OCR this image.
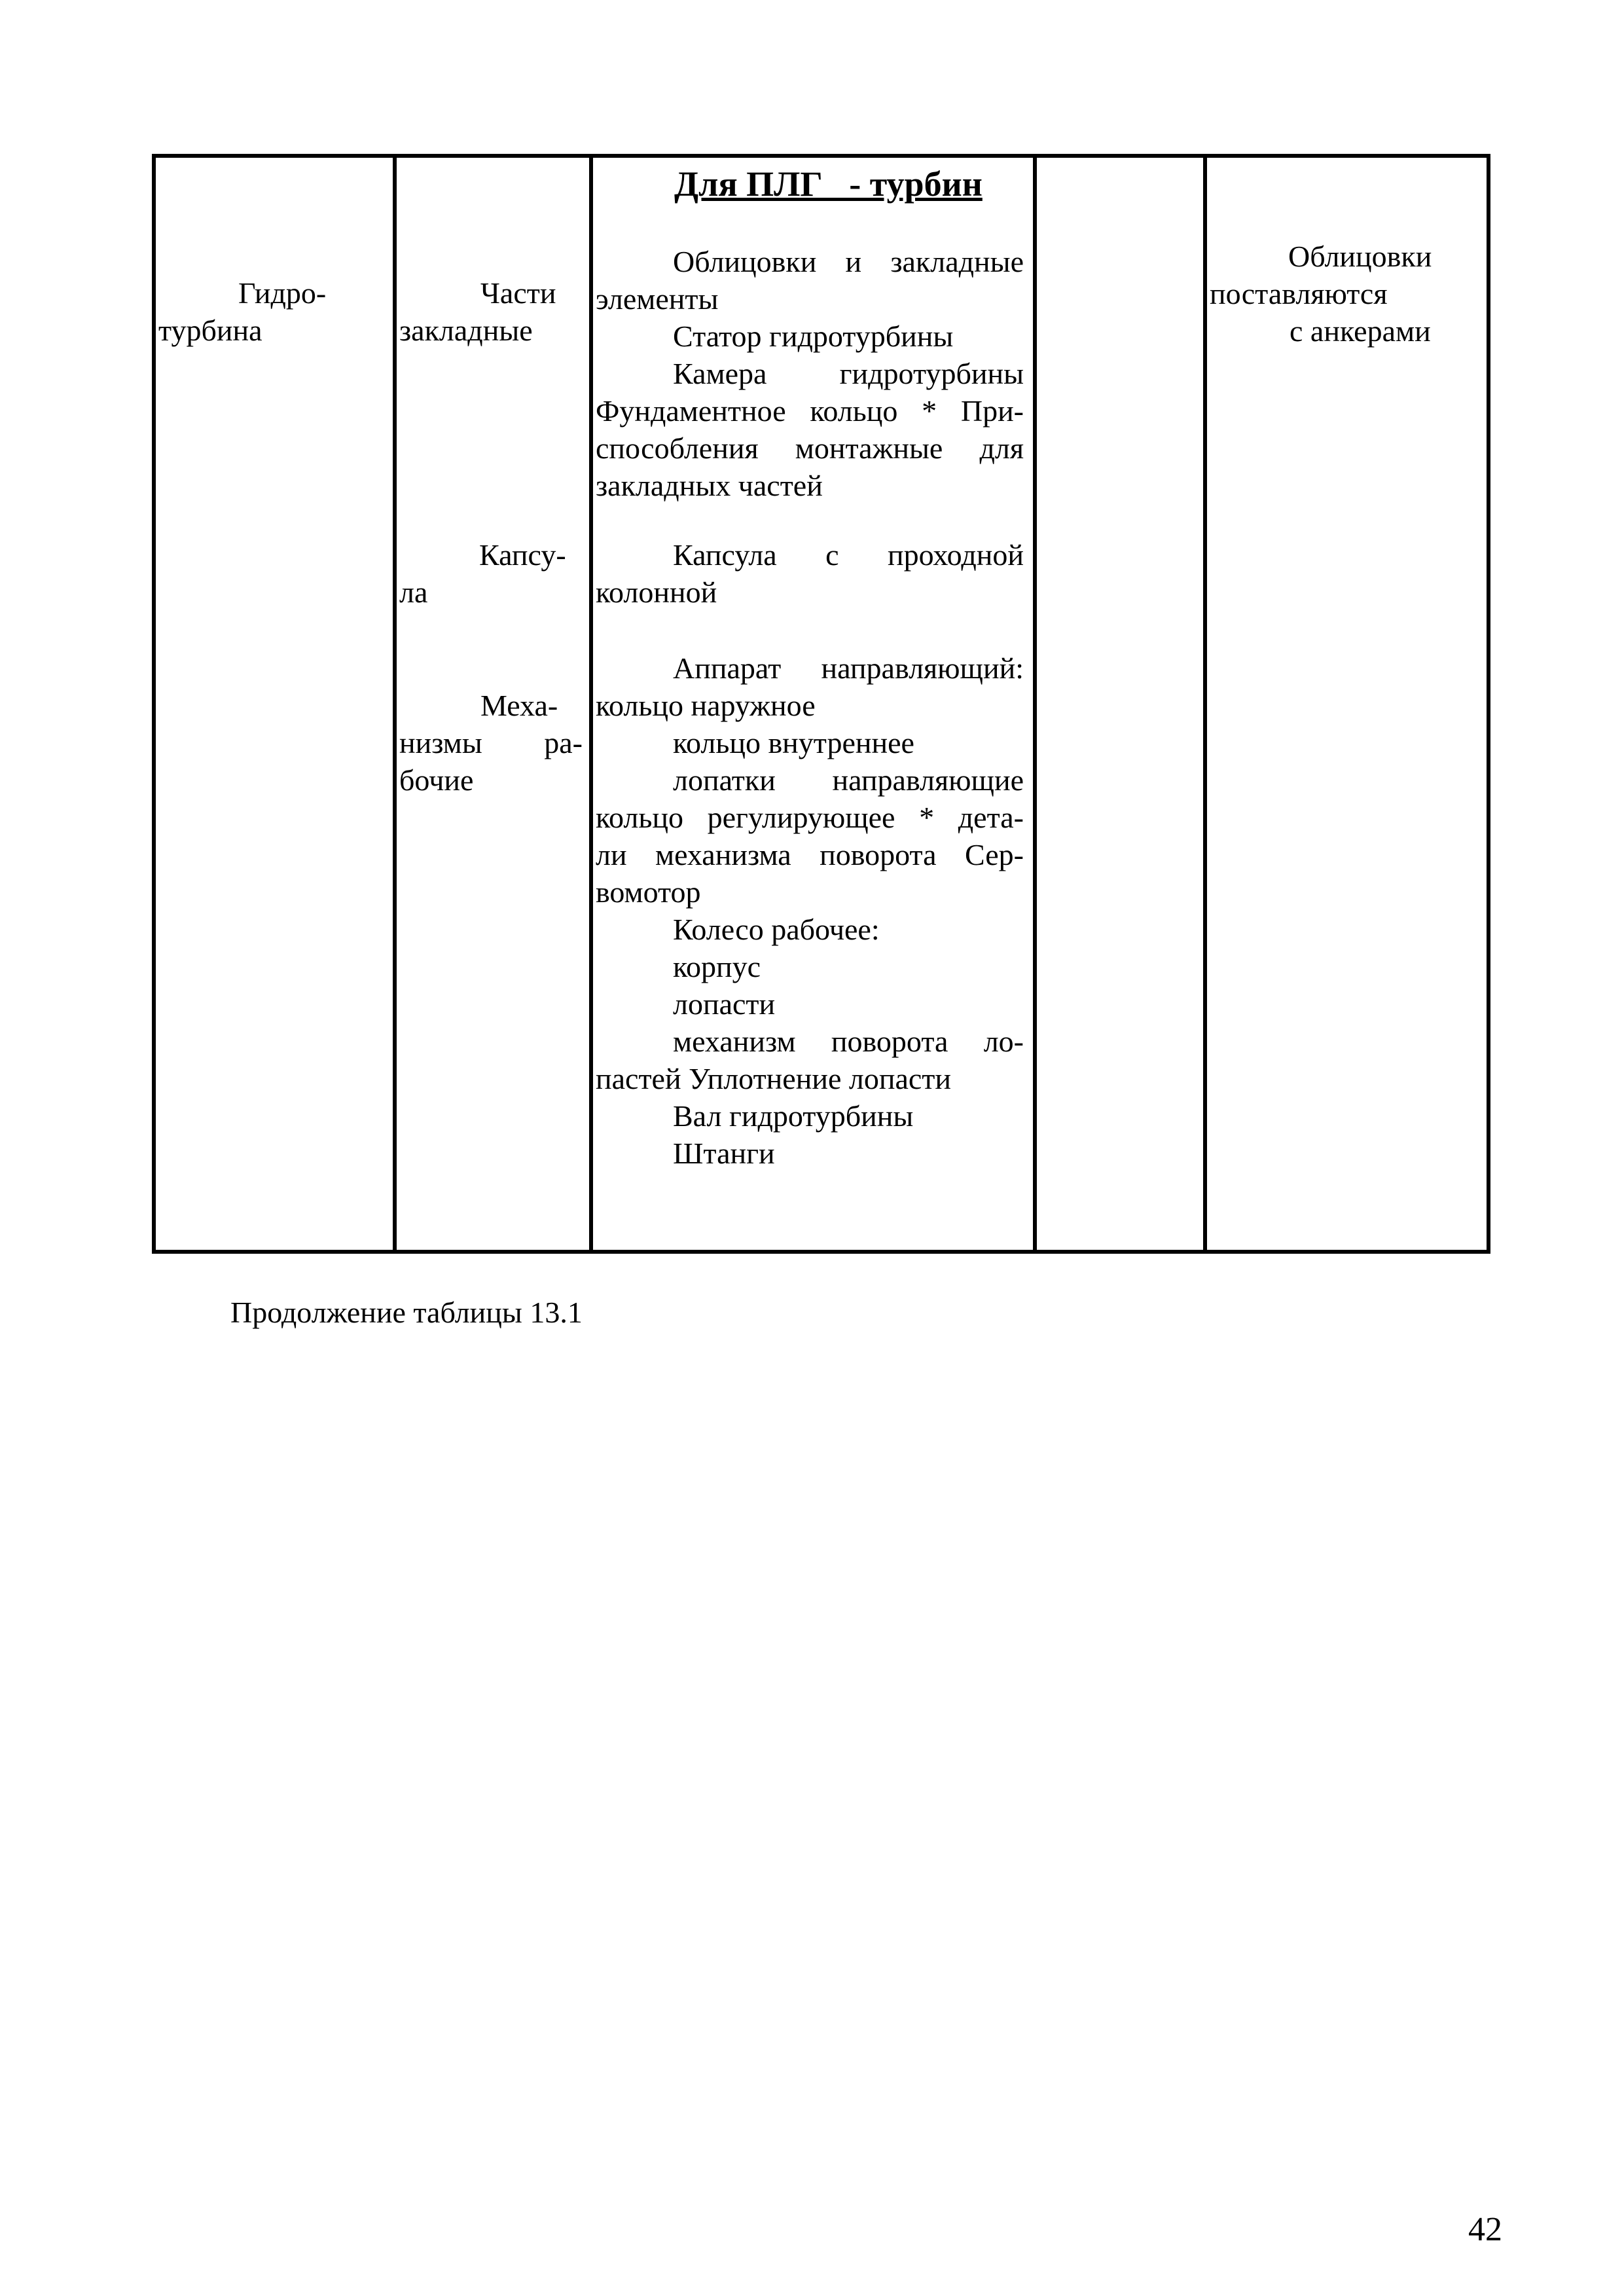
Гидро-
турбина
Части
закладные
Капсу-
ла
Меха-
низмы ра-
бочие
Для ПЛГ   - турбин
Облицовки и закладные
элементы
Статор гидротурбины
Камера гидротурбины
Фундаментное кольцо * При-
способления монтажные для
закладных частей
Капсула с проходной
колонной
Аппарат направляющий:
кольцо наружное
кольцо внутреннее
лопатки направляющие
кольцо регулирующее * дета-
ли механизма поворота Сер-
вомотор
Колесо рабочее:
корпус
лопасти
механизм поворота ло-
пастей Уплотнение лопасти
Вал гидротурбины
Штанги
Облицовки
поставляются
с анкерами
Продолжение таблицы 13.1
42
